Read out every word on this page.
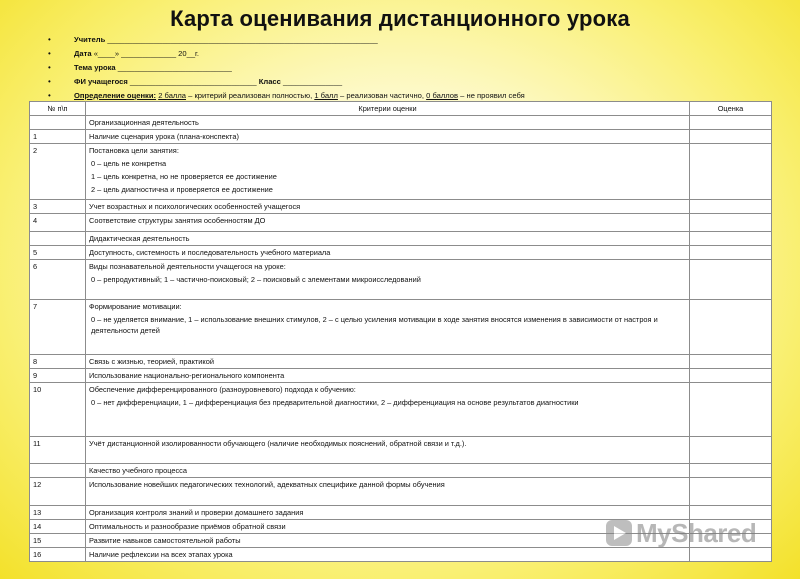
Карта оценивания дистанционного урока
• Учитель ________________________________________________________________
• Дата «____» _____________ 20__г.
• Тема урока ___________________________
• ФИ учащегося ______________________________ Класс ______________
• Определение оценки: 2 балла – критерий реализован полностью, 1 балл – реализован частично, 0 баллов – не проявил себя
№ п\п	Критерии оценки	Оценка
	Организационная деятельность	
1	Наличие сценария урока (плана-конспекта)	
2	Постановка цели занятия:
0 – цель не конкретна
1 – цель конкретна, но не проверяется ее достижение
2 – цель диагностична и проверяется ее достижение	

3	Учет возрастных и психологических особенностей учащегося	
4	Соответствие структуры занятия особенностям ДО	
	Дидактическая деятельность	
5	Доступность, системность и последовательность учебного материала	
6	Виды познавательной деятельности учащегося на уроке:
0 – репродуктивный; 1 – частично-поисковый; 2 – поисковый с элементами микроисследований	

7	Формирование мотивации:
0 – не уделяется внимание, 1 – использование внешних стимулов, 2 – с целью усиления мотивации в ходе занятия вносятся изменения в зависимости от настроя и деятельности детей	

8	Связь с жизнью, теорией, практикой	
9	Использование национально-регионального компонента	
10	Обеспечение дифференцированного (разноуровневого) подхода к обучению:
0 – нет дифференциации, 1 – дифференциация без предварительной диагностики, 2 – дифференциация на основе результатов диагностики	

11	Учёт дистанционной изолированности обучающего (наличие необходимых пояснений, обратной связи и т.д.).	
	Качество учебного процесса	
12	Использование новейших педагогических технологий, адекватных специфике данной формы обучения	
13	Организация контроля знаний и проверки домашнего задания	
14	Оптимальность и разнообразие приёмов обратной связи	
15	Развитие навыков самостоятельной работы	
16	Наличие рефлексии на всех этапах урока	
MyShared
